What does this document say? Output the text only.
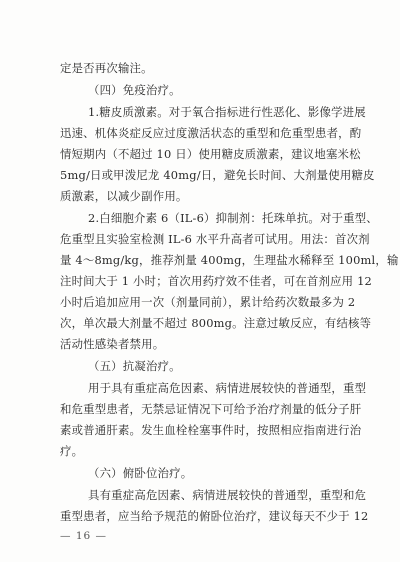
定是否再次输注。
（四）免疫治疗。
1.糖皮质激素。对于氧合指标进行性恶化、影像学进展
迅速、机体炎症反应过度激活状态的重型和危重型患者，酌
情短期内（不超过 10 日）使用糖皮质激素，建议地塞米松
5mg/日或甲泼尼龙 40mg/日，避免长时间、大剂量使用糖皮
质激素，以减少副作用。
2.白细胞介素 6（IL-6）抑制剂：托珠单抗。对于重型、
危重型且实验室检测 IL-6 水平升高者可试用。用法：首次剂
量 4～8mg/kg，推荐剂量 400mg，生理盐水稀释至 100ml，输
注时间大于 1 小时；首次用药疗效不佳者，可在首剂应用 12
小时后追加应用一次（剂量同前），累计给药次数最多为 2
次，单次最大剂量不超过 800mg。注意过敏反应，有结核等
活动性感染者禁用。
（五）抗凝治疗。
用于具有重症高危因素、病情进展较快的普通型，重型
和危重型患者，无禁忌证情况下可给予治疗剂量的低分子肝
素或普通肝素。发生血栓栓塞事件时，按照相应指南进行治
疗。
（六）俯卧位治疗。
具有重症高危因素、病情进展较快的普通型，重型和危
重型患者，应当给予规范的俯卧位治疗，建议每天不少于 12
— 16 —
